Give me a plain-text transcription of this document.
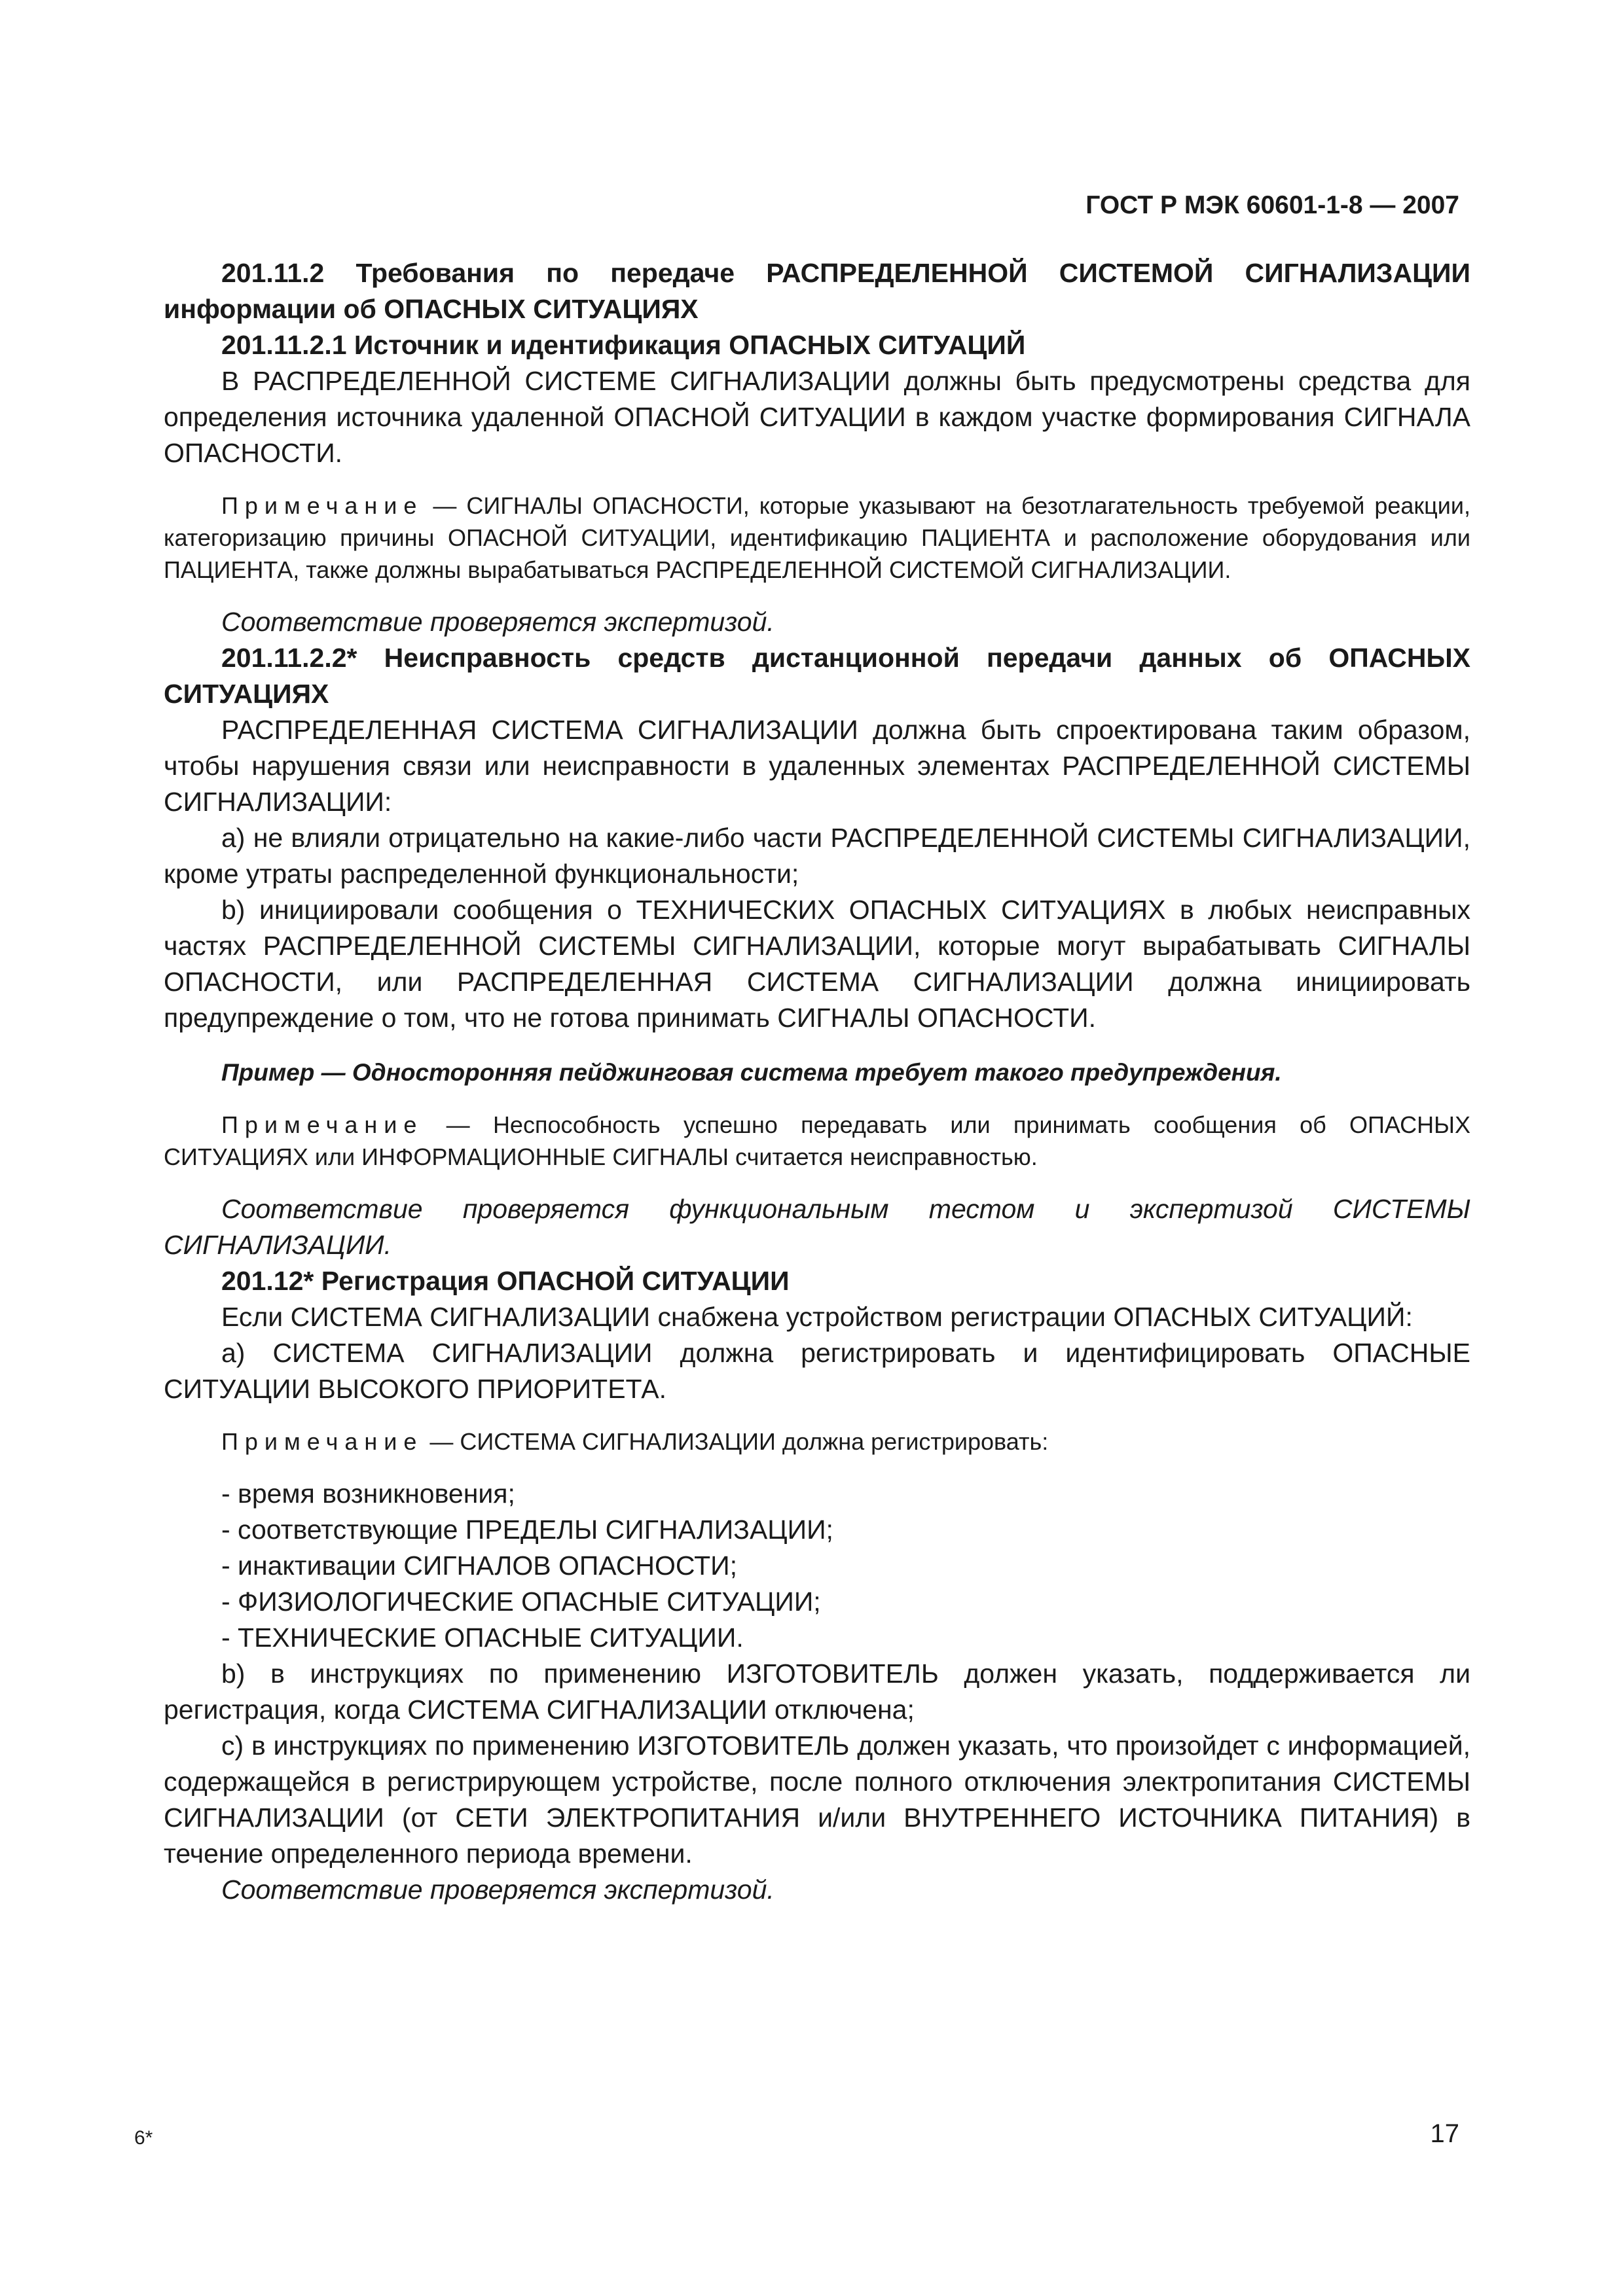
ГОСТ Р МЭК 60601-1-8 — 2007

201.11.2 Требования по передаче РАСПРЕДЕЛЕННОЙ СИСТЕМОЙ СИГНАЛИЗАЦИИ информации об ОПАСНЫХ СИТУАЦИЯХ

201.11.2.1 Источник и идентификация ОПАСНЫХ СИТУАЦИЙ

В РАСПРЕДЕЛЕННОЙ СИСТЕМЕ СИГНАЛИЗАЦИИ должны быть предусмотрены средства для определения источника удаленной ОПАСНОЙ СИТУАЦИИ в каждом участке формирования СИГНАЛА ОПАСНОСТИ.

Примечание — СИГНАЛЫ ОПАСНОСТИ, которые указывают на безотлагательность требуемой реакции, категоризацию причины ОПАСНОЙ СИТУАЦИИ, идентификацию ПАЦИЕНТА и расположение оборудования или ПАЦИЕНТА, также должны вырабатываться РАСПРЕДЕЛЕННОЙ СИСТЕМОЙ СИГНАЛИЗАЦИИ.

Соответствие проверяется экспертизой.

201.11.2.2* Неисправность средств дистанционной передачи данных об ОПАСНЫХ СИТУАЦИЯХ

РАСПРЕДЕЛЕННАЯ СИСТЕМА СИГНАЛИЗАЦИИ должна быть спроектирована таким образом, чтобы нарушения связи или неисправности в удаленных элементах РАСПРЕДЕЛЕННОЙ СИСТЕМЫ СИГНАЛИЗАЦИИ:

a) не влияли отрицательно на какие-либо части РАСПРЕДЕЛЕННОЙ СИСТЕМЫ СИГНАЛИЗАЦИИ, кроме утраты распределенной функциональности;

b) инициировали сообщения о ТЕХНИЧЕСКИХ ОПАСНЫХ СИТУАЦИЯХ в любых неисправных частях РАСПРЕДЕЛЕННОЙ СИСТЕМЫ СИГНАЛИЗАЦИИ, которые могут вырабатывать СИГНАЛЫ ОПАСНОСТИ, или РАСПРЕДЕЛЕННАЯ СИСТЕМА СИГНАЛИЗАЦИИ должна инициировать предупреждение о том, что не готова принимать СИГНАЛЫ ОПАСНОСТИ.

Пример — Односторонняя пейджинговая система требует такого предупреждения.

Примечание — Неспособность успешно передавать или принимать сообщения об ОПАСНЫХ СИТУАЦИЯХ или ИНФОРМАЦИОННЫЕ СИГНАЛЫ считается неисправностью.

Соответствие проверяется функциональным тестом и экспертизой СИСТЕМЫ СИГНАЛИЗАЦИИ.

201.12* Регистрация ОПАСНОЙ СИТУАЦИИ

Если СИСТЕМА СИГНАЛИЗАЦИИ снабжена устройством регистрации ОПАСНЫХ СИТУАЦИЙ:

a) СИСТЕМА СИГНАЛИЗАЦИИ должна регистрировать и идентифицировать ОПАСНЫЕ СИТУАЦИИ ВЫСОКОГО ПРИОРИТЕТА.

Примечание — СИСТЕМА СИГНАЛИЗАЦИИ должна регистрировать:

- время возникновения;

- соответствующие ПРЕДЕЛЫ СИГНАЛИЗАЦИИ;

- инактивации СИГНАЛОВ ОПАСНОСТИ;

- ФИЗИОЛОГИЧЕСКИЕ ОПАСНЫЕ СИТУАЦИИ;

- ТЕХНИЧЕСКИЕ ОПАСНЫЕ СИТУАЦИИ.

b) в инструкциях по применению ИЗГОТОВИТЕЛЬ должен указать, поддерживается ли регистрация, когда СИСТЕМА СИГНАЛИЗАЦИИ отключена;

c) в инструкциях по применению ИЗГОТОВИТЕЛЬ должен указать, что произойдет с информацией, содержащейся в регистрирующем устройстве, после полного отключения электропитания СИСТЕМЫ СИГНАЛИЗАЦИИ (от СЕТИ ЭЛЕКТРОПИТАНИЯ и/или ВНУТРЕННЕГО ИСТОЧНИКА ПИТАНИЯ) в течение определенного периода времени.

Соответствие проверяется экспертизой.

6*	17
